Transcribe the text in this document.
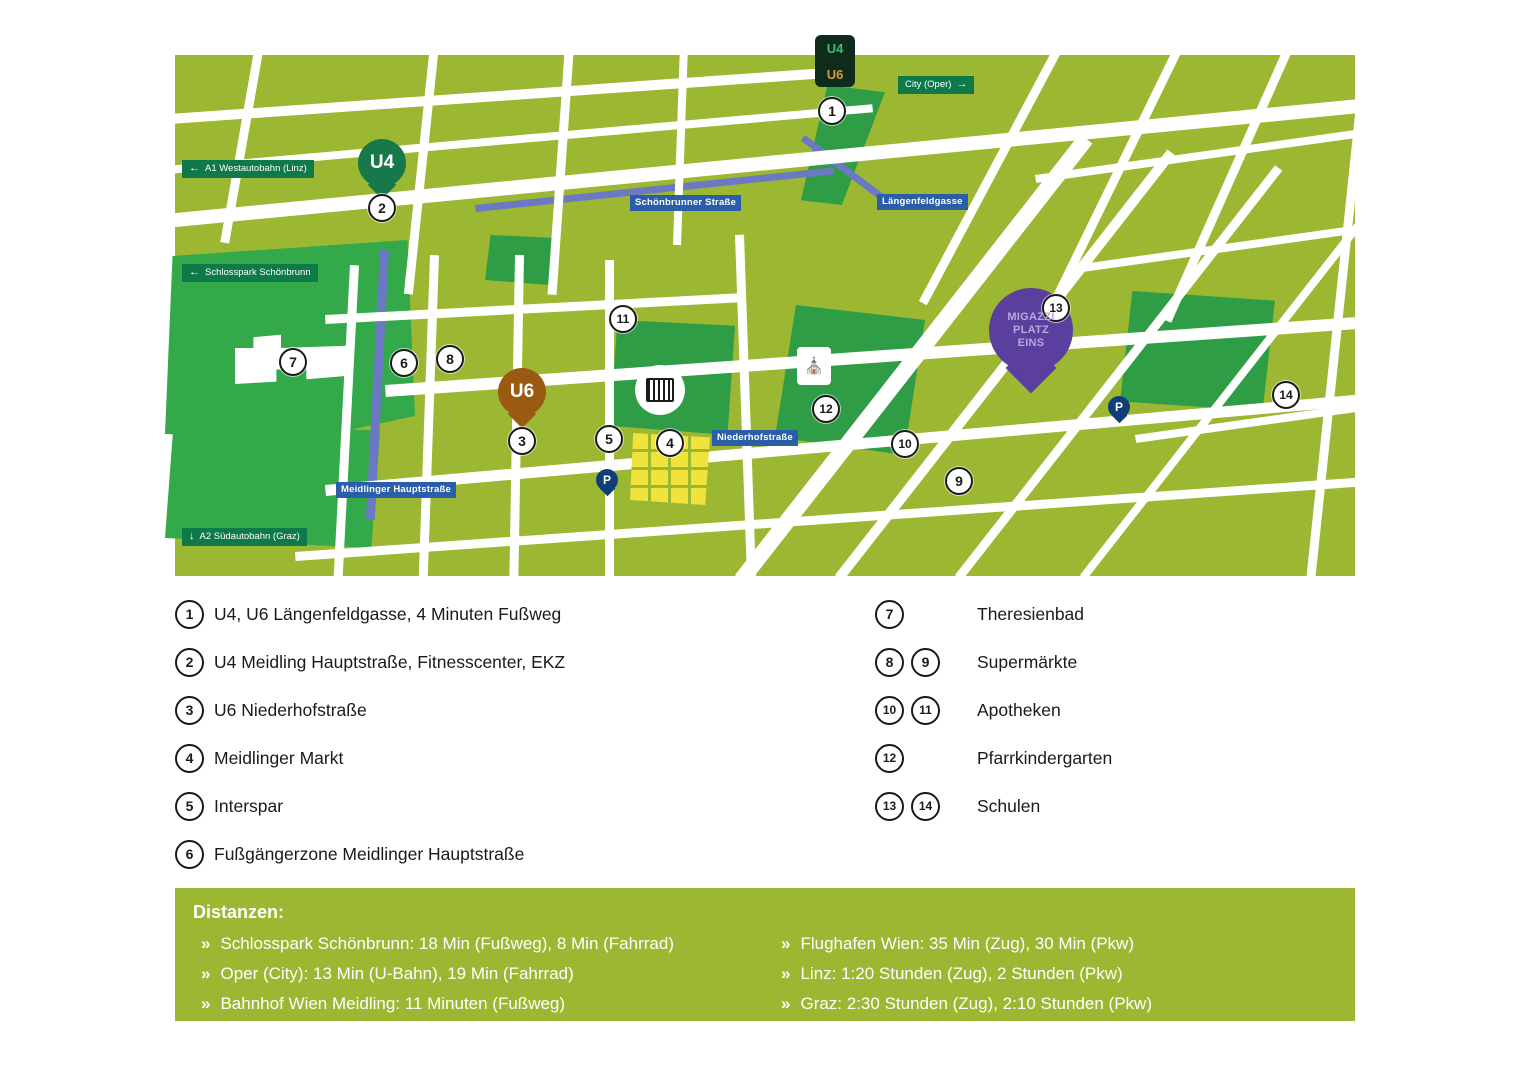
⛪
Schönbrunner Straße	Längenfeldgasse
Niederhofstraße
Meidlinger Hauptstraße
City (Oper) →
← A1 Westautobahn (Linz)
← Schlosspark Schönbrunn
↓ A2 Südautobahn (Graz)
U4
U6
U4
U6
MIGAZZI
PLATZ
EINS
P
P
1
2
3	4
5
6
7	8
9
10
11
12
13
14
1	U4, U6 Längenfeldgasse, 4 Minuten Fußweg
2	U4 Meidling Hauptstraße, Fitnesscenter, EKZ
3	U6 Niederhofstraße
4	Meidlinger Markt
5	Interspar
6	Fußgängerzone Meidlinger Hauptstraße
7	Theresienbad
8	9	Supermärkte
10	11	Apotheken
12	Pfarrkindergarten
13	14	Schulen
Distanzen:
» Schlosspark Schönbrunn: 18 Min (Fußweg), 8 Min (Fahrrad)
» Oper (City): 13 Min (U-Bahn), 19 Min (Fahrrad)
» Bahnhof Wien Meidling: 11 Minuten (Fußweg)
» Flughafen Wien: 35 Min (Zug), 30 Min (Pkw)
» Linz: 1:20 Stunden (Zug), 2 Stunden (Pkw)
» Graz: 2:30 Stunden (Zug), 2:10 Stunden (Pkw)
